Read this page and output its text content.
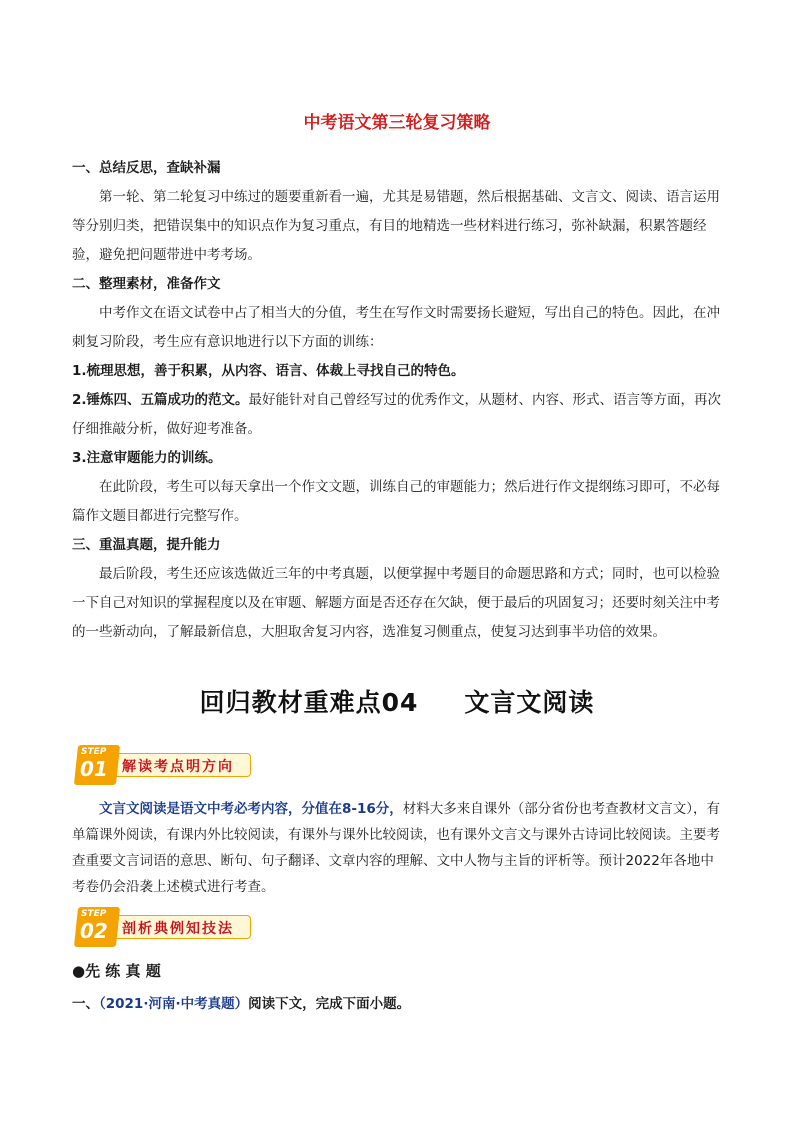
中考语文第三轮复习策略
一、总结反思，查缺补漏
第一轮、第二轮复习中练过的题要重新看一遍，尤其是易错题，然后根据基础、文言文、阅读、语言运用等分别归类，把错误集中的知识点作为复习重点，有目的地精选一些材料进行练习，弥补缺漏，积累答题经验，避免把问题带进中考考场。
二、整理素材，准备作文
中考作文在语文试卷中占了相当大的分值，考生在写作文时需要扬长避短，写出自己的特色。因此，在冲刺复习阶段，考生应有意识地进行以下方面的训练：
1.梳理思想，善于积累，从内容、语言、体裁上寻找自己的特色。
2.锤炼四、五篇成功的范文。最好能针对自己曾经写过的优秀作文，从题材、内容、形式、语言等方面，再次仔细推敲分析，做好迎考准备。
3.注意审题能力的训练。
在此阶段，考生可以每天拿出一个作文文题，训练自己的审题能力；然后进行作文提纲练习即可，不必每篇作文题目都进行完整写作。
三、重温真题，提升能力
最后阶段，考生还应该选做近三年的中考真题，以便掌握中考题目的命题思路和方式；同时，也可以检验一下自己对知识的掌握程度以及在审题、解题方面是否还存在欠缺，便于最后的巩固复习；还要时刻关注中考的一些新动向，了解最新信息，大胆取舍复习内容，选准复习侧重点，使复习达到事半功倍的效果。
回归教材重难点04 文言文阅读
解读考点明方向
STEP
01
文言文阅读是语文中考必考内容，分值在8-16分，材料大多来自课外（部分省份也考查教材文言文），有单篇课外阅读，有课内外比较阅读，有课外与课外比较阅读，也有课外文言文与课外古诗词比较阅读。主要考查重要文言词语的意思、断句、句子翻译、文章内容的理解、文中人物与主旨的评析等。预计2022年各地中考卷仍会沿袭上述模式进行考查。
剖析典例知技法
STEP
02
●先 练 真 题
一、（2021·河南·中考真题）阅读下文，完成下面小题。
